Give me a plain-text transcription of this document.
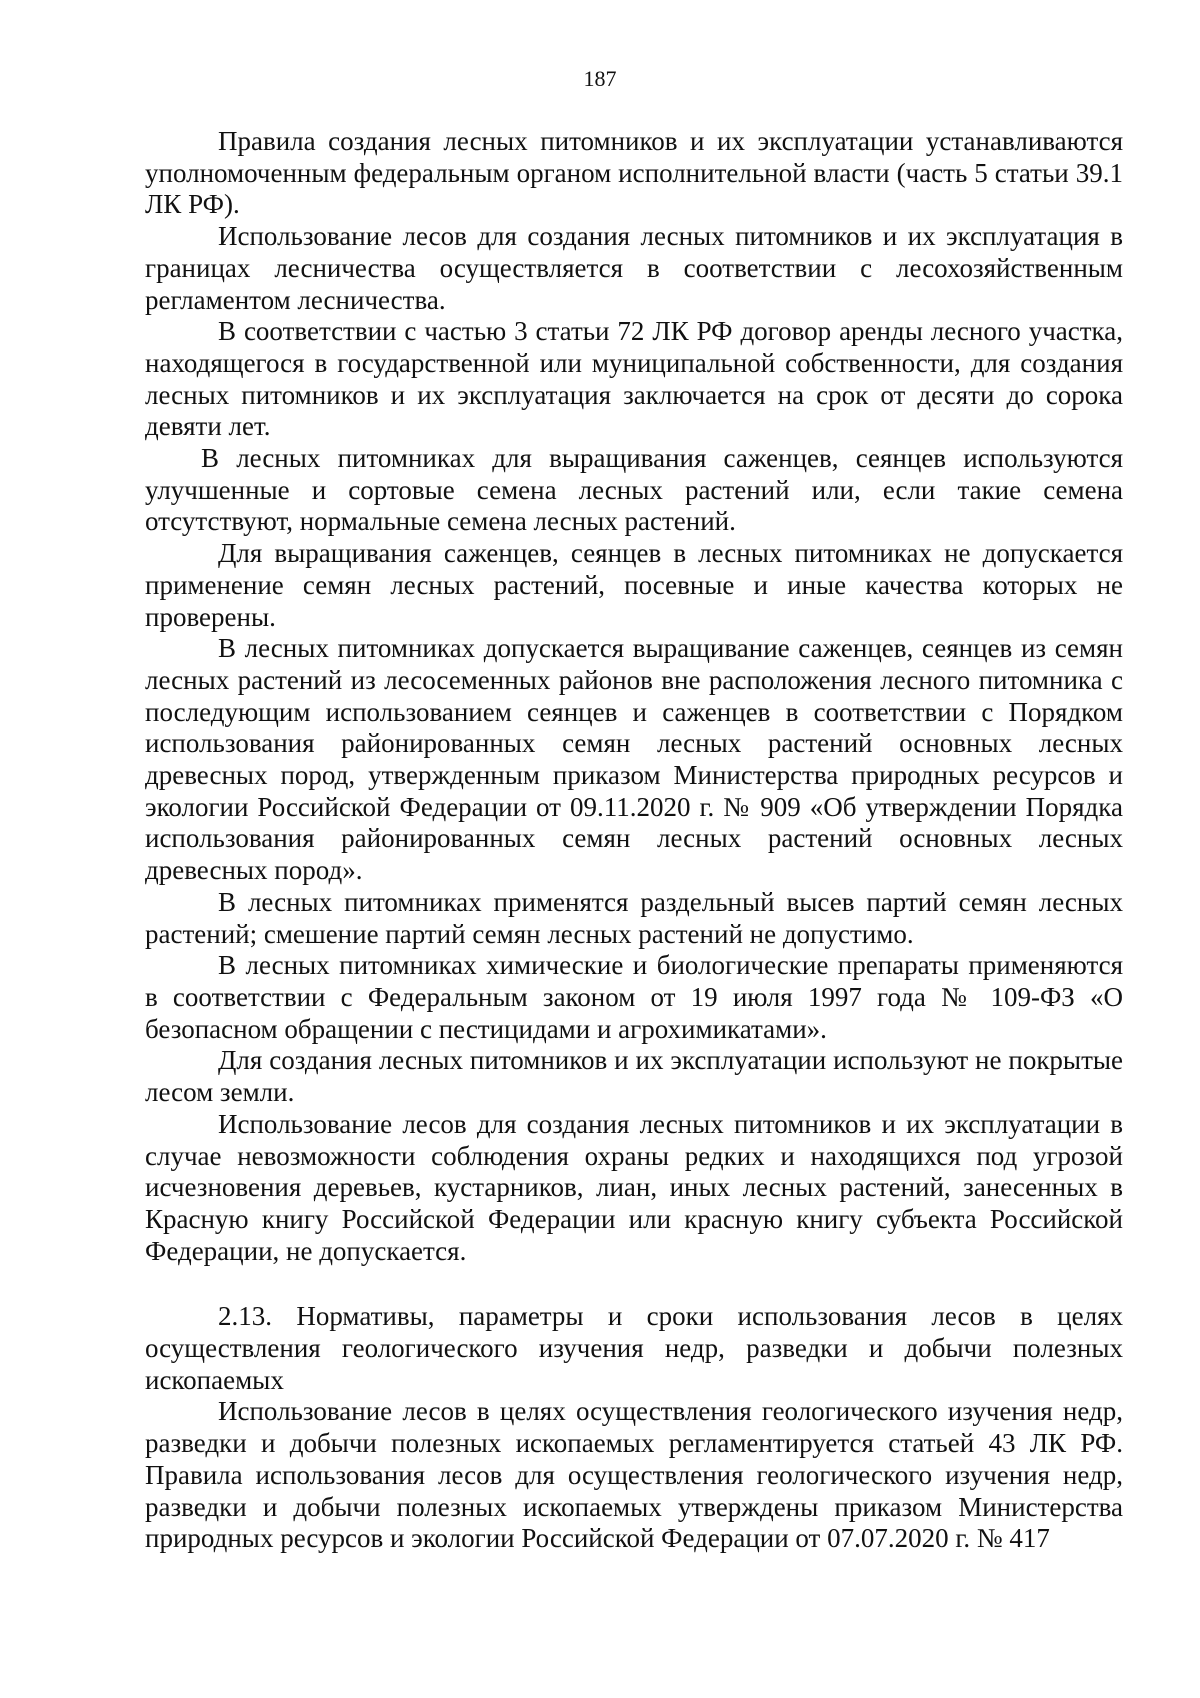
187

Правила создания лесных питомников и их эксплуатации устанавливаются уполномоченным федеральным органом исполнительной власти (часть 5 статьи 39.1 ЛК РФ).

Использование лесов для создания лесных питомников и их эксплуатация в границах лесничества осуществляется в соответствии с лесохозяйственным регламентом лесничества.

В соответствии с частью 3 статьи 72 ЛК РФ договор аренды лесного участка, находящегося в государственной или муниципальной собственности, для создания лесных питомников и их эксплуатация заключается на срок от десяти до сорока девяти лет.

В лесных питомниках для выращивания саженцев, сеянцев используются улучшенные и сортовые семена лесных растений или, если такие семена отсутствуют, нормальные семена лесных растений.

Для выращивания саженцев, сеянцев в лесных питомниках не допускается применение семян лесных растений, посевные и иные качества которых не проверены.

В лесных питомниках допускается выращивание саженцев, сеянцев из семян лесных растений из лесосеменных районов вне расположения лесного питомника с последующим использованием сеянцев и саженцев в соответствии с Порядком использования районированных семян лесных растений основных лесных древесных пород, утвержденным приказом Министерства природных ресурсов и экологии Российской Федерации от 09.11.2020 г. № 909 «Об утверждении Порядка использования районированных семян лесных растений основных лесных древесных пород».

В лесных питомниках применятся раздельный высев партий семян лесных растений; смешение партий семян лесных растений не допустимо.

В лесных питомниках химические и биологические препараты применяются в соответствии с Федеральным законом от 19 июля 1997 года № 109-ФЗ «О безопасном обращении с пестицидами и агрохимикатами».

Для создания лесных питомников и их эксплуатации используют не покрытые лесом земли.

Использование лесов для создания лесных питомников и их эксплуатации в случае невозможности соблюдения охраны редких и находящихся под угрозой исчезновения деревьев, кустарников, лиан, иных лесных растений, занесенных в Красную книгу Российской Федерации или красную книгу субъекта Российской Федерации, не допускается.

2.13. Нормативы, параметры и сроки использования лесов в целях осуществления геологического изучения недр, разведки и добычи полезных ископаемых

Использование лесов в целях осуществления геологического изучения недр, разведки и добычи полезных ископаемых регламентируется статьей 43 ЛК РФ. Правила использования лесов для осуществления геологического изучения недр, разведки и добычи полезных ископаемых утверждены приказом Министерства природных ресурсов и экологии Российской Федерации от 07.07.2020 г. № 417
